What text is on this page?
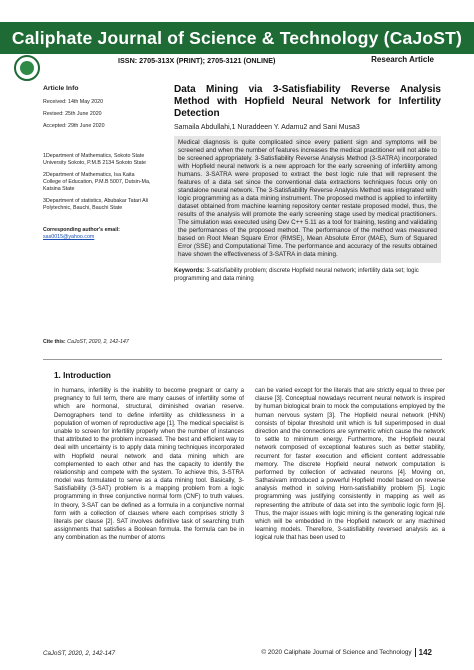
Caliphate Journal of Science & Technology (CaJoST)
ISSN: 2705-313X (PRINT); 2705-3121 (ONLINE)	Research Article
Article Info
Received: 14th May 2020
Revised: 25th June 2020
Accepted: 29th June 2020
1Department of Mathematics, Sokoto State University Sokoto, P.M.B 2134 Sokoto State
2Department of Mathematics, Isa Kaita College of Education, P.M.B 5007, Dutsin-Ma, Katsina State
3Department of statistics, Abubakar Tatari Ali Polytechnic, Bauchi, Bauchi State
Corresponding author's email:
sas0015@yahoo.com
Cite this: CaJoST, 2020, 2, 142-147
Data Mining via 3-Satisfiability Reverse Analysis Method with Hopfield Neural Network for Infertility Detection
Samaila Abdullahi,1 Nuraddeen Y. Adamu2 and Sani Musa3
Medical diagnosis is quite complicated since every patient sign and symptoms will be screened and when the number of features increases the medical practitioner will not able to be screened appropriately. 3-Satisfiability Reverse Analysis Method (3-SATRA) incorporated with Hopfield neural network is a new approach for the early screening of infertility among humans. 3-SATRA were proposed to extract the best logic rule that will represent the features of a data set since the conventional data extractions techniques focus only on standalone neural network. The 3-Satisfiability Reverse Analysis Method was integrated with logic programming as a data mining instrument. The proposed method is applied to infertility dataset obtained from machine learning repository center restate proposed model, thus, the results of the analysis will promote the early screening stage used by medical practitioners. The simulation was executed using Dev C++ 5.11 as a tool for training, testing and validating the performances of the proposed method. The performance of the method was measured based on Root Mean Square Error (RMSE), Mean Absolute Error (MAE), Sum of Squared Error (SSE) and Computational Time. The performance and accuracy of the results obtained have shown the effectiveness of 3-SATRA in data mining.
Keywords: 3-satisfiability problem; discrete Hopfield neural network; infertility data set; logic programming and data mining
1. Introduction

In humans, infertility is the inability to become pregnant or carry a pregnancy to full term, there are many causes of infertility some of which are hormonal, structural, diminished ovarian reserve. Demographers tend to define infertility as childlessness in a population of women of reproductive age [1]. The medical specialist is unable to screen for infertility properly when the number of instances that attributed to the problem increased. The best and efficient way to deal with uncertainty is to apply data mining techniques incorporated with Hopfield neural network and data mining which are complemented to each other and has the capacity to identify the relationship and compete with the system. To achieve this, 3-STRA model was formulated to serve as a data mining tool. Basically, 3-Satisfiability (3-SAT) problem is a mapping problem from a logic programming in three conjunctive normal form (CNF) to truth values. In theory, 3-SAT can be defined as a formula in a conjunctive normal form with a collection of clauses where each comprises strictly 3 literals per clause [2]. SAT involves definitive task of searching truth assignments that satisfies a Boolean formula. the formula can be in any combination as the number of atoms

can be varied except for the literals that are strictly equal to three per clause [3]. Conceptual nowadays recurrent neural network is inspired by human biological brain to mock the computations employed by the human nervous system [3]. The Hopfield neural network (HNN) consists of bipolar threshold unit which is full superimposed in dual direction and the connections are symmetric which cause the network to settle to minimum energy. Furthermore, the Hopfield neural network composed of exceptional features such as better stability, recurrent for faster execution and efficient content addressable memory. The discrete Hopfield neural network computation is performed by collection of activated neurons [4]. Moving on, Sathasivam introduced a powerful Hopfield model based on reverse analysis method in solving Horn-satisfiability problem [5]. Logic programming was justifying consistently in mapping as well as representing the attribute of data set into the symbolic logic form [6]. Thus, the major issues with logic mining is the generating logical rule which will be embedded in the Hopfield network or any machined learning models. Therefore, 3-satisfiability reversed analysis as a logical rule that has been used to

CaJoST, 2020, 2, 142-147	© 2020 Caliphate Journal of Science and Technology 142
